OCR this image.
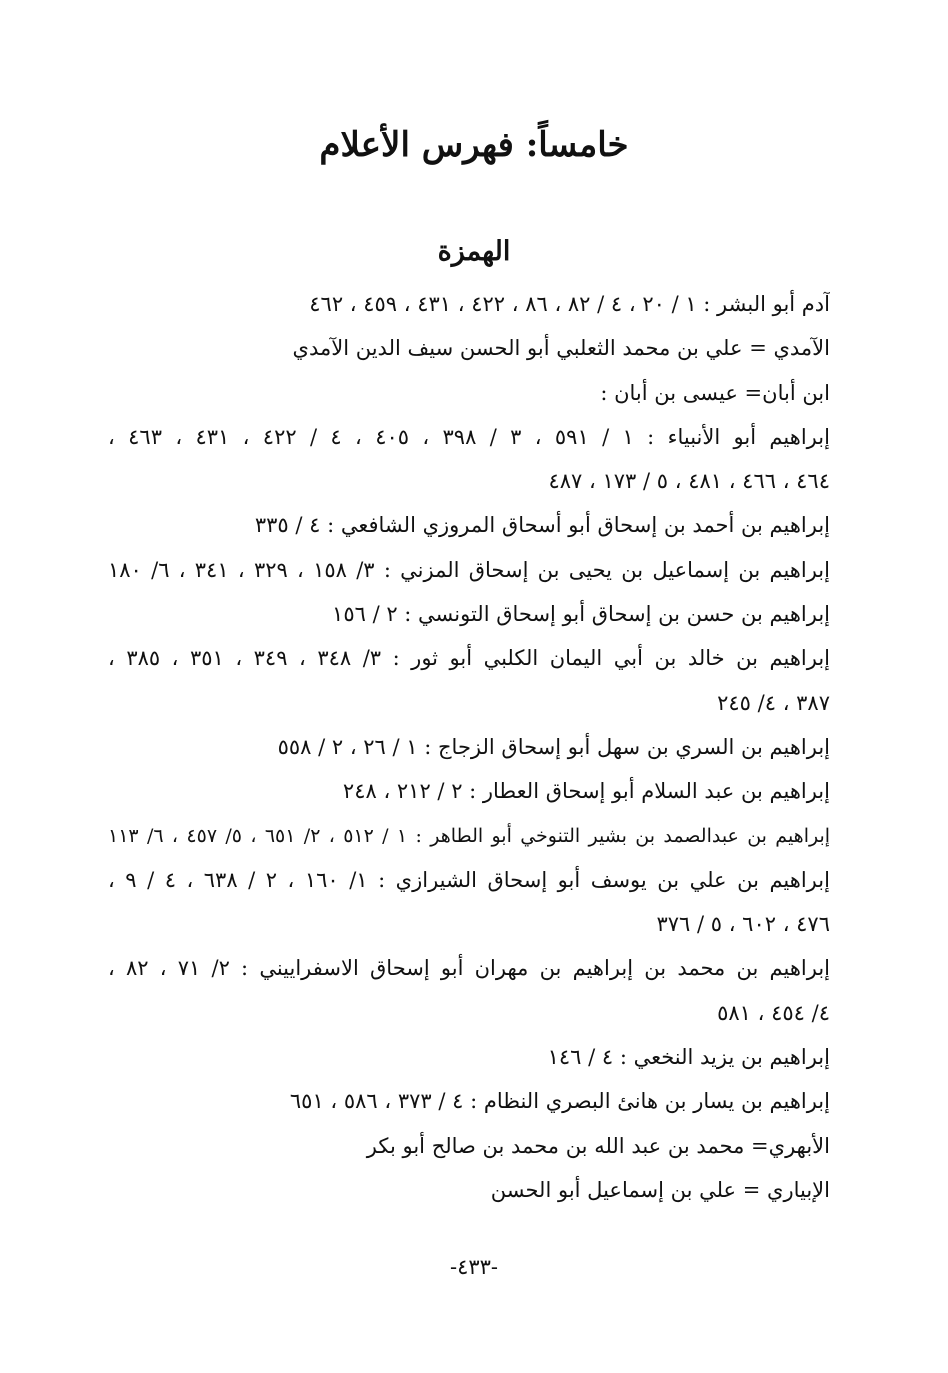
خامساً: فهرس الأعلام
الهمزة
آدم أبو البشر : ١ / ٢٠ ، ٤ / ٨٢ ، ٨٦ ، ٤٢٢ ، ٤٣١ ، ٤٥٩ ، ٤٦٢
الآمدي = علي بن محمد الثعلبي أبو الحسن سيف الدين الآمدي
ابن أبان= عيسى بن أبان :
إبراهيم أبو الأنبياء : ١ / ٥٩١ ، ٣ / ٣٩٨ ، ٤٠٥ ، ٤ / ٤٢٢ ، ٤٣١ ، ٤٦٣ ،
٤٦٤ ، ٤٦٦ ، ٤٨١ ، ٥ / ١٧٣ ، ٤٨٧
إبراهيم بن أحمد بن إسحاق أبو أسحاق المروزي الشافعي : ٤ / ٣٣٥
إبراهيم بن إسماعيل بن يحيى بن إسحاق المزني : ٣/ ١٥٨ ، ٣٢٩ ، ٣٤١ ، ٦/ ١٨٠
إبراهيم بن حسن بن إسحاق أبو إسحاق التونسي : ٢ / ١٥٦
إبراهيم بن خالد بن أبي اليمان الكلبي أبو ثور : ٣/ ٣٤٨ ، ٣٤٩ ، ٣٥١ ، ٣٨٥ ،
٣٨٧ ، ٤/ ٢٤٥
إبراهيم بن السري بن سهل أبو إسحاق الزجاج : ١ / ٢٦ ، ٢ / ٥٥٨
إبراهيم بن عبد السلام أبو إسحاق العطار : ٢ / ٢١٢ ، ٢٤٨
إبراهيم بن عبدالصمد بن بشير التنوخي أبو الطاهر : ١ / ٥١٢ ، ٢/ ٦٥١ ، ٥/ ٤٥٧ ، ٦/ ١١٣
إبراهيم بن علي بن يوسف أبو إسحاق الشيرازي : ١/ ١٦٠ ، ٢ / ٦٣٨ ، ٤ / ٩ ،
٤٧٦ ، ٦٠٢ ، ٥ / ٣٧٦
إبراهيم بن محمد بن إبراهيم بن مهران أبو إسحاق الاسفراييني : ٢/ ٧١ ، ٨٢ ،
٤/ ٤٥٤ ، ٥٨١
إبراهيم بن يزيد النخعي : ٤ / ١٤٦
إبراهيم بن يسار بن هانئ البصري النظام : ٤ / ٣٧٣ ، ٥٨٦ ، ٦٥١
الأبهري= محمد بن عبد الله بن محمد بن صالح أبو بكر
الإبياري = علي بن إسماعيل أبو الحسن
-٤٣٣-
